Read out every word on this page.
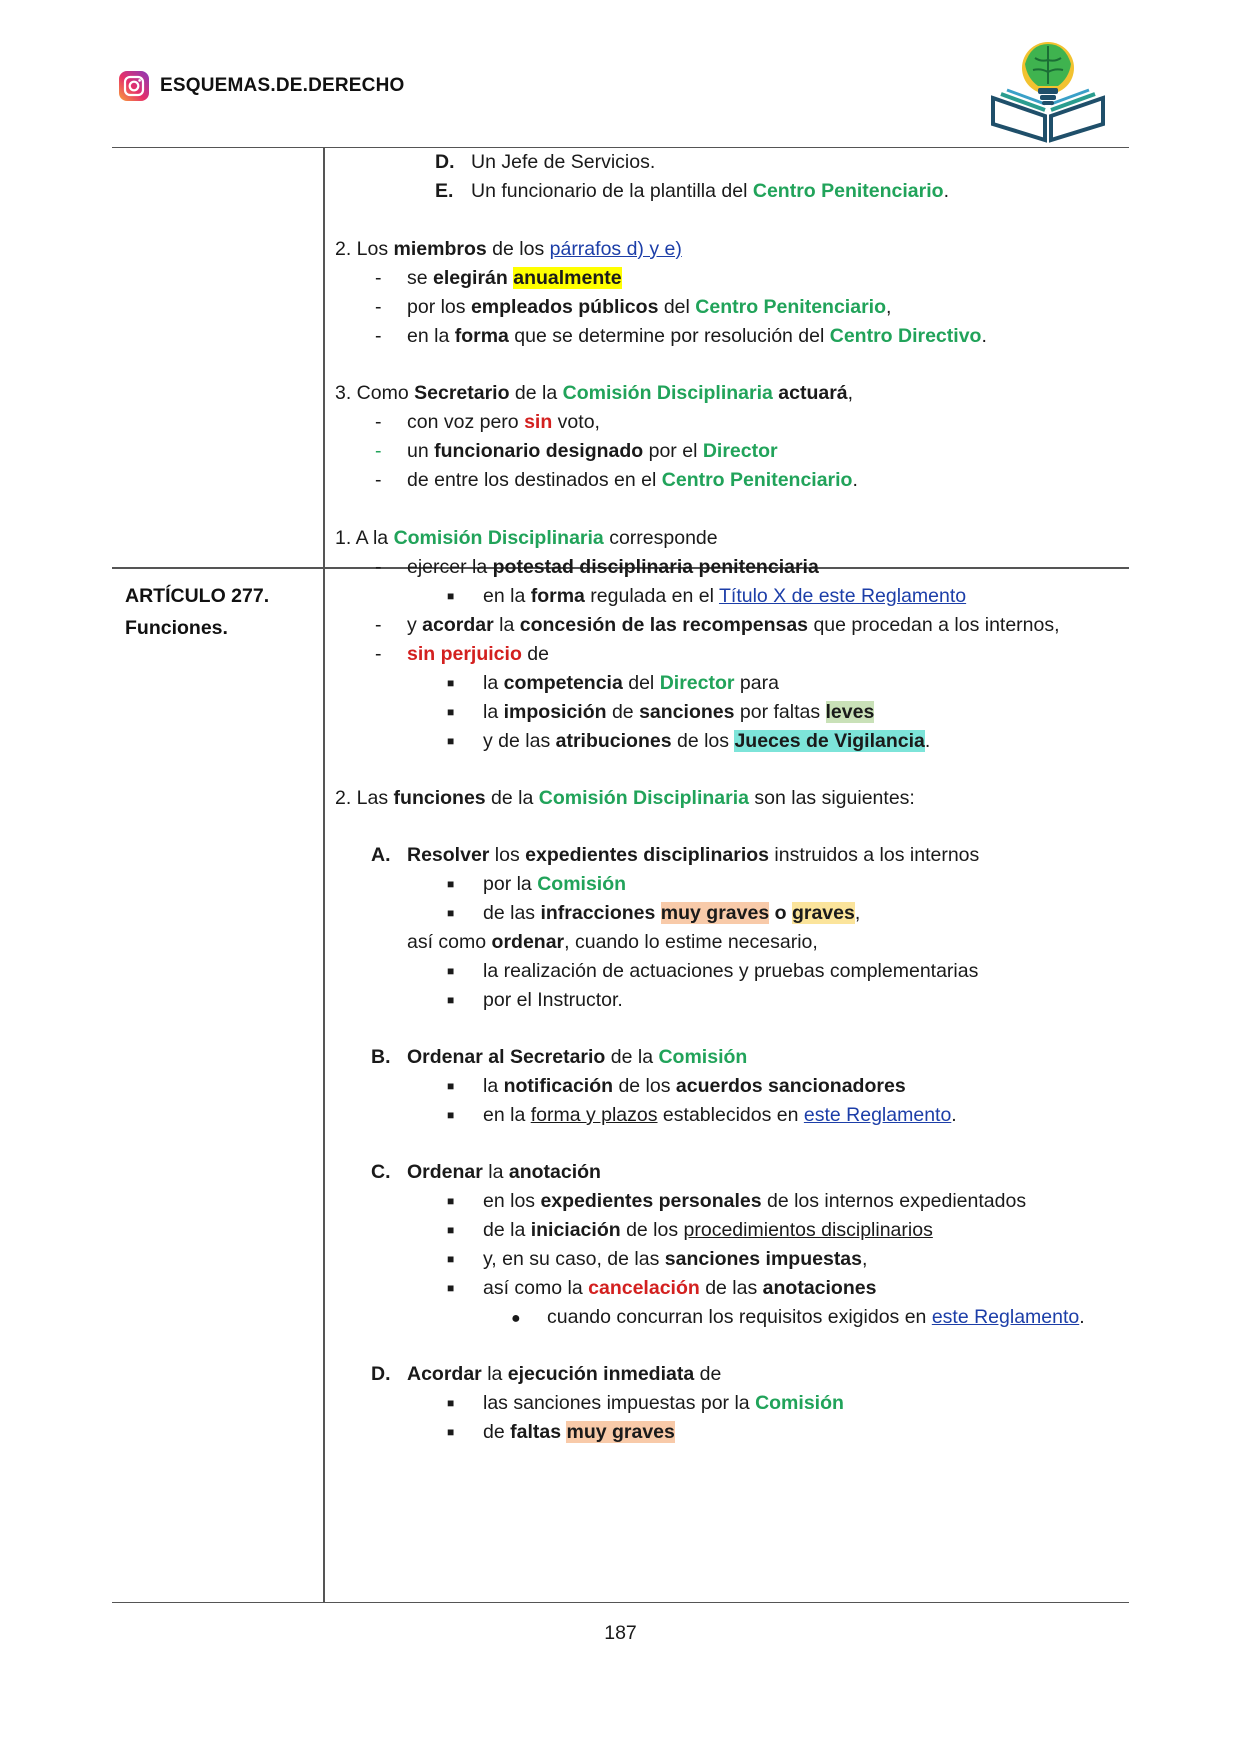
ESQUEMAS.DE.DERECHO
ARTÍCULO 277.
Funciones.
D. Un Jefe de Servicios.
E. Un funcionario de la plantilla del Centro Penitenciario.
2. Los miembros de los párrafos d) y e)
- se elegirán anualmente
- por los empleados públicos del Centro Penitenciario,
- en la forma que se determine por resolución del Centro Directivo.
3. Como Secretario de la Comisión Disciplinaria actuará,
- con voz pero sin voto,
- un funcionario designado por el Director
- de entre los destinados en el Centro Penitenciario.
1. A la Comisión Disciplinaria corresponde
- ejercer la potestad disciplinaria penitenciaria
■ en la forma regulada en el Título X de este Reglamento
- y acordar la concesión de las recompensas que procedan a los internos,
- sin perjuicio de
■ la competencia del Director para
■ la imposición de sanciones por faltas leves
■ y de las atribuciones de los Jueces de Vigilancia.
2. Las funciones de la Comisión Disciplinaria son las siguientes:
A. Resolver los expedientes disciplinarios instruidos a los internos
■ por la Comisión
■ de las infracciones muy graves o graves,
así como ordenar, cuando lo estime necesario,
■ la realización de actuaciones y pruebas complementarias
■ por el Instructor.
B. Ordenar al Secretario de la Comisión
■ la notificación de los acuerdos sancionadores
■ en la forma y plazos establecidos en este Reglamento.
C. Ordenar la anotación
■ en los expedientes personales de los internos expedientados
■ de la iniciación de los procedimientos disciplinarios
■ y, en su caso, de las sanciones impuestas,
■ así como la cancelación de las anotaciones
● cuando concurran los requisitos exigidos en este Reglamento.
D. Acordar la ejecución inmediata de
■ las sanciones impuestas por la Comisión
■ de faltas muy graves
187
